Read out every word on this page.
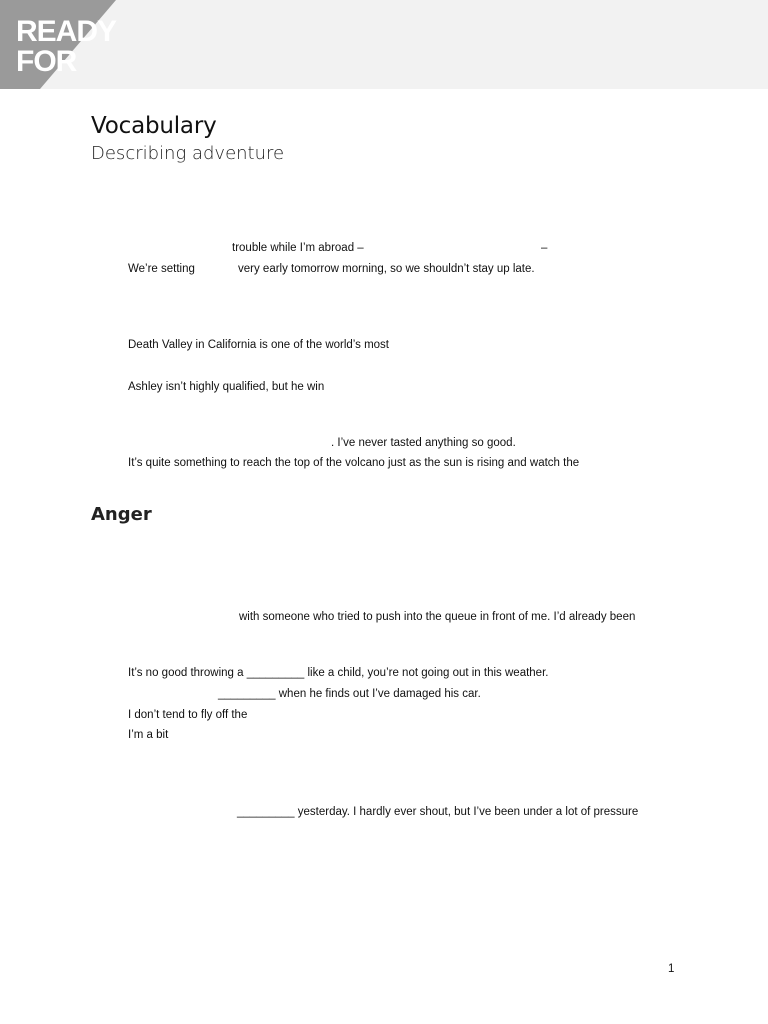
READY
FOR
Vocabulary
Describing adventure
trouble while I’m abroad –	–
We’re setting	very early tomorrow morning, so we shouldn’t stay up late.
Death Valley in California is one of the world’s most
Ashley isn’t highly qualified, but he win
. I’ve never tasted anything so good.
It’s quite something to reach the top of the volcano just as the sun is rising and watch the
Anger
with someone who tried to push into the queue in front of me. I’d already been
It’s no good throwing a _________ like a child, you’re not going out in this weather.
_________ when he finds out I’ve damaged his car.
I don’t tend to fly off the
I’m a bit
_________ yesterday. I hardly ever shout, but I’ve been under a lot of pressure
1
